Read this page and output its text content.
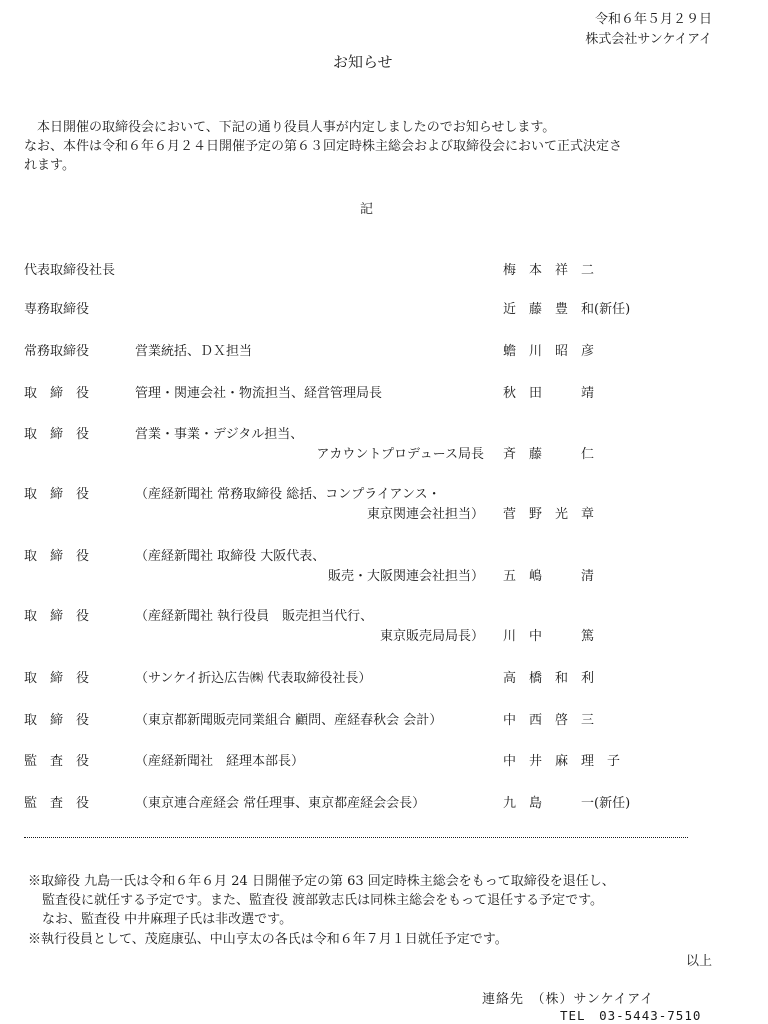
令和６年５月２９日
株式会社サンケイアイ
お知らせ

　本日開催の取締役会において、下記の通り役員人事が内定しましたのでお知らせします。

なお、本件は令和６年６月２４日開催予定の第６３回定時株主総会および取締役会において正式決定さ

れます。

記
代表取締役社長	梅　本　祥　二
専務取締役	近　藤　豊　和(新任)
常務取締役	営業統括、ＤＸ担当	蟾　川　昭　彦
取　締　役	管理・関連会社・物流担当、経営管理局長	秋　田　　　靖
取　締　役	営業・事業・デジタル担当、
アカウントプロデュース局長 斉　藤　　　仁
取　締　役	（産経新聞社 常務取締役 総括、コンプライアンス・
東京関連会社担当） 菅　野　光　章
取　締　役	（産経新聞社 取締役 大阪代表、
販売・大阪関連会社担当） 五　嶋　　　清
取　締　役	（産経新聞社 執行役員　販売担当代行、
東京販売局局長） 川　中　　　篤
取　締　役	（サンケイ折込広告㈱ 代表取締役社長）	高　橋　和　利
取　締　役	（東京都新聞販売同業組合 顧問、産経春秋会 会計）	中　西　啓　三
監　査　役	（産経新聞社　経理本部長）	中　井　麻　理　子
監　査　役	（東京連合産経会 常任理事、東京都産経会会長）	九　島　　　一(新任)
※取締役 九島一氏は令和６年６月 24 日開催予定の第 63 回定時株主総会をもって取締役を退任し、
監査役に就任する予定です。また、監査役 渡部敦志氏は同株主総会をもって退任する予定です。
なお、監査役 中井麻理子氏は非改選です。
※執行役員として、茂庭康弘、中山亨太の各氏は令和６年７月１日就任予定です。
以上
連絡先　（株）サンケイアイ
TEL　03-5443-7510
